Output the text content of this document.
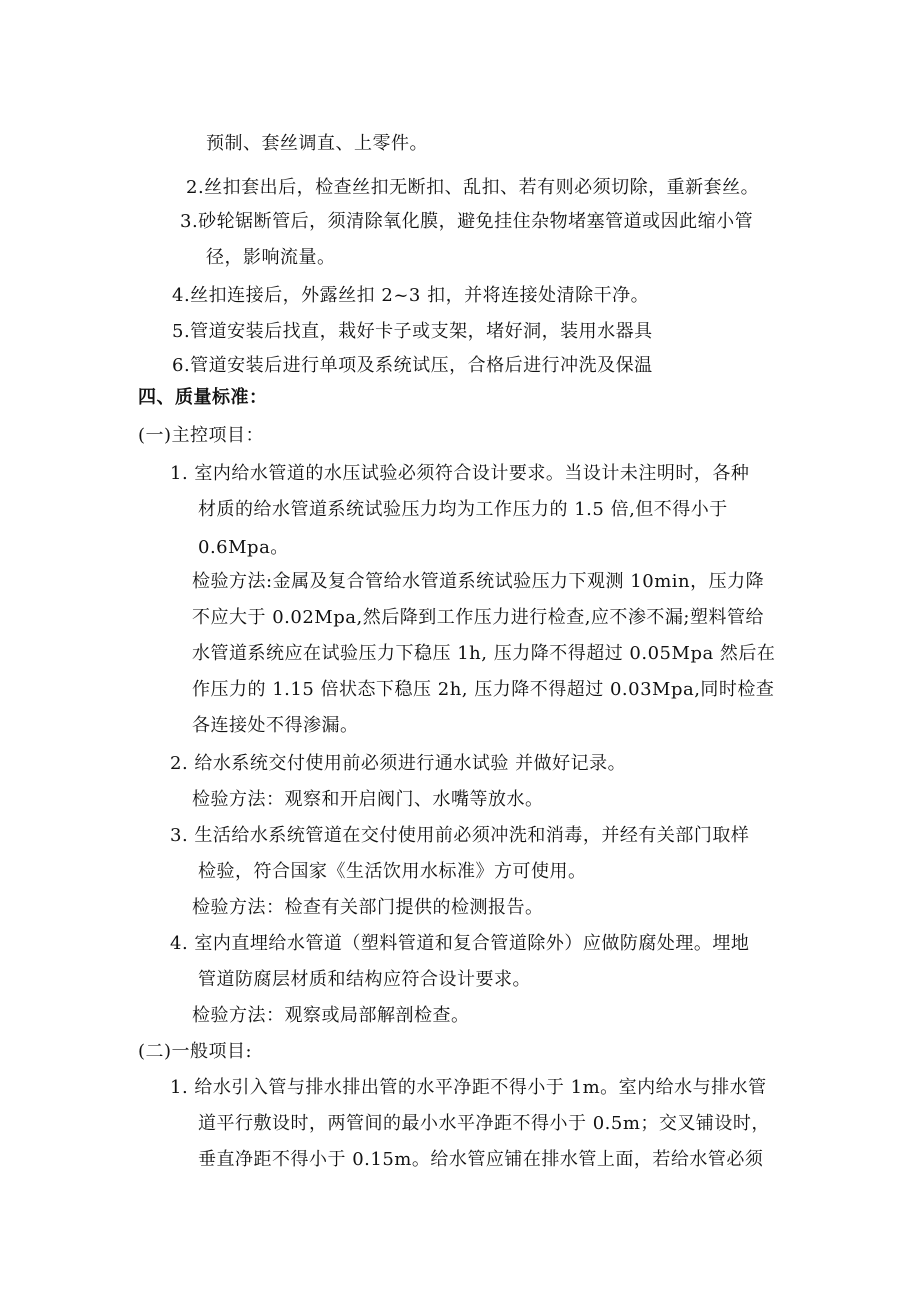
预制、套丝调直、上零件。
2.丝扣套出后，检查丝扣无断扣、乱扣、若有则必须切除，重新套丝。
3.砂轮锯断管后，须清除氧化膜，避免挂住杂物堵塞管道或因此缩小管
径，影响流量。
4.丝扣连接后，外露丝扣 2~3 扣，并将连接处清除干净。
5.管道安装后找直，栽好卡子或支架，堵好洞，装用水器具
6.管道安装后进行单项及系统试压，合格后进行冲洗及保温
四、质量标准：
(一)主控项目：
1. 室内给水管道的水压试验必须符合设计要求。当设计未注明时，各种
材质的给水管道系统试验压力均为工作压力的 1.5 倍,但不得小于
0.6Mpa。
检验方法:金属及复合管给水管道系统试验压力下观测 10min，压力降
不应大于 0.02Mpa,然后降到工作压力进行检查,应不渗不漏;塑料管给
水管道系统应在试验压力下稳压 1h, 压力降不得超过 0.05Mpa 然后在
作压力的 1.15 倍状态下稳压 2h, 压力降不得超过 0.03Mpa,同时检查
各连接处不得渗漏。
2. 给水系统交付使用前必须进行通水试验 并做好记录。
检验方法：观察和开启阀门、水嘴等放水。
3. 生活给水系统管道在交付使用前必须冲洗和消毒，并经有关部门取样
检验，符合国家《生活饮用水标准》方可使用。
检验方法：检查有关部门提供的检测报告。
4. 室内直埋给水管道（塑料管道和复合管道除外）应做防腐处理。埋地
管道防腐层材质和结构应符合设计要求。
检验方法：观察或局部解剖检查。
(二)一般项目:
1. 给水引入管与排水排出管的水平净距不得小于 1m。室内给水与排水管
道平行敷设时，两管间的最小水平净距不得小于 0.5m；交叉铺设时，
垂直净距不得小于 0.15m。给水管应铺在排水管上面，若给水管必须
